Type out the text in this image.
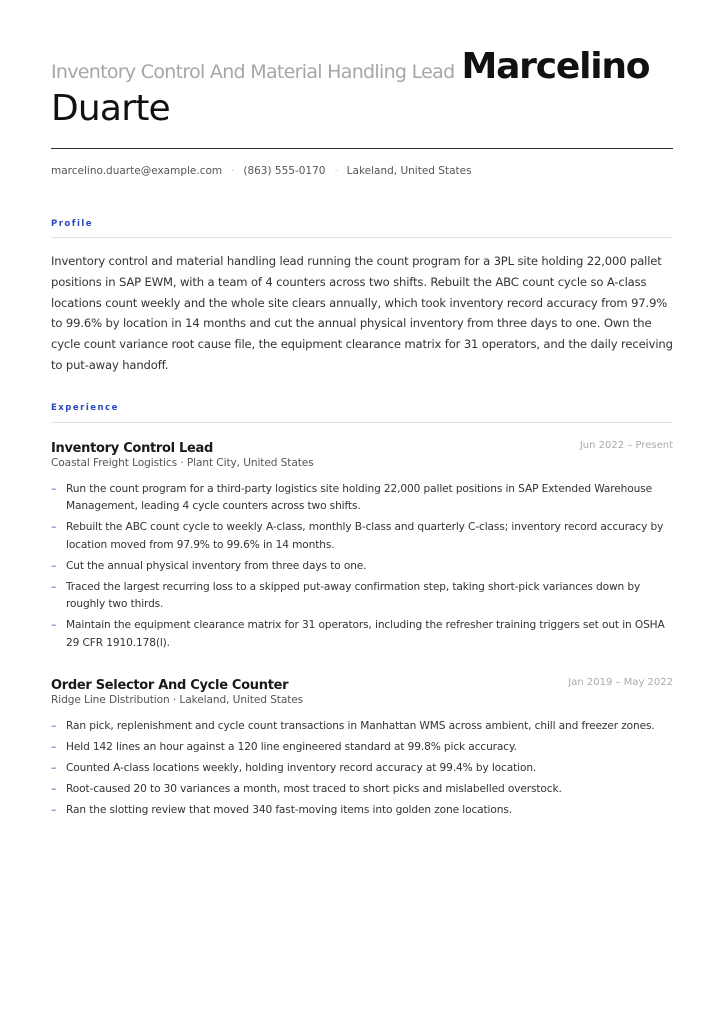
Inventory Control And Material Handling Lead Marcelino
Duarte
marcelino.duarte@example.com · (863) 555-0170 · Lakeland, United States
Profile
Inventory control and material handling lead running the count program for a 3PL site holding 22,000 pallet positions in SAP EWM, with a team of 4 counters across two shifts. Rebuilt the ABC count cycle so A-class locations count weekly and the whole site clears annually, which took inventory record accuracy from 97.9% to 99.6% by location in 14 months and cut the annual physical inventory from three days to one. Own the cycle count variance root cause file, the equipment clearance matrix for 31 operators, and the daily receiving to put-away handoff.
Experience
Inventory Control Lead	Jun 2022 – Present
Coastal Freight Logistics · Plant City, United States
– Run the count program for a third-party logistics site holding 22,000 pallet positions in SAP Extended Warehouse Management, leading 4 cycle counters across two shifts.
– Rebuilt the ABC count cycle to weekly A-class, monthly B-class and quarterly C-class; inventory record accuracy by location moved from 97.9% to 99.6% in 14 months.
– Cut the annual physical inventory from three days to one.
– Traced the largest recurring loss to a skipped put-away confirmation step, taking short-pick variances down by roughly two thirds.
– Maintain the equipment clearance matrix for 31 operators, including the refresher training triggers set out in OSHA 29 CFR 1910.178(l).
Order Selector And Cycle Counter	Jan 2019 – May 2022
Ridge Line Distribution · Lakeland, United States
– Ran pick, replenishment and cycle count transactions in Manhattan WMS across ambient, chill and freezer zones.
– Held 142 lines an hour against a 120 line engineered standard at 99.8% pick accuracy.
– Counted A-class locations weekly, holding inventory record accuracy at 99.4% by location.
– Root-caused 20 to 30 variances a month, most traced to short picks and mislabelled overstock.
– Ran the slotting review that moved 340 fast-moving items into golden zone locations.
